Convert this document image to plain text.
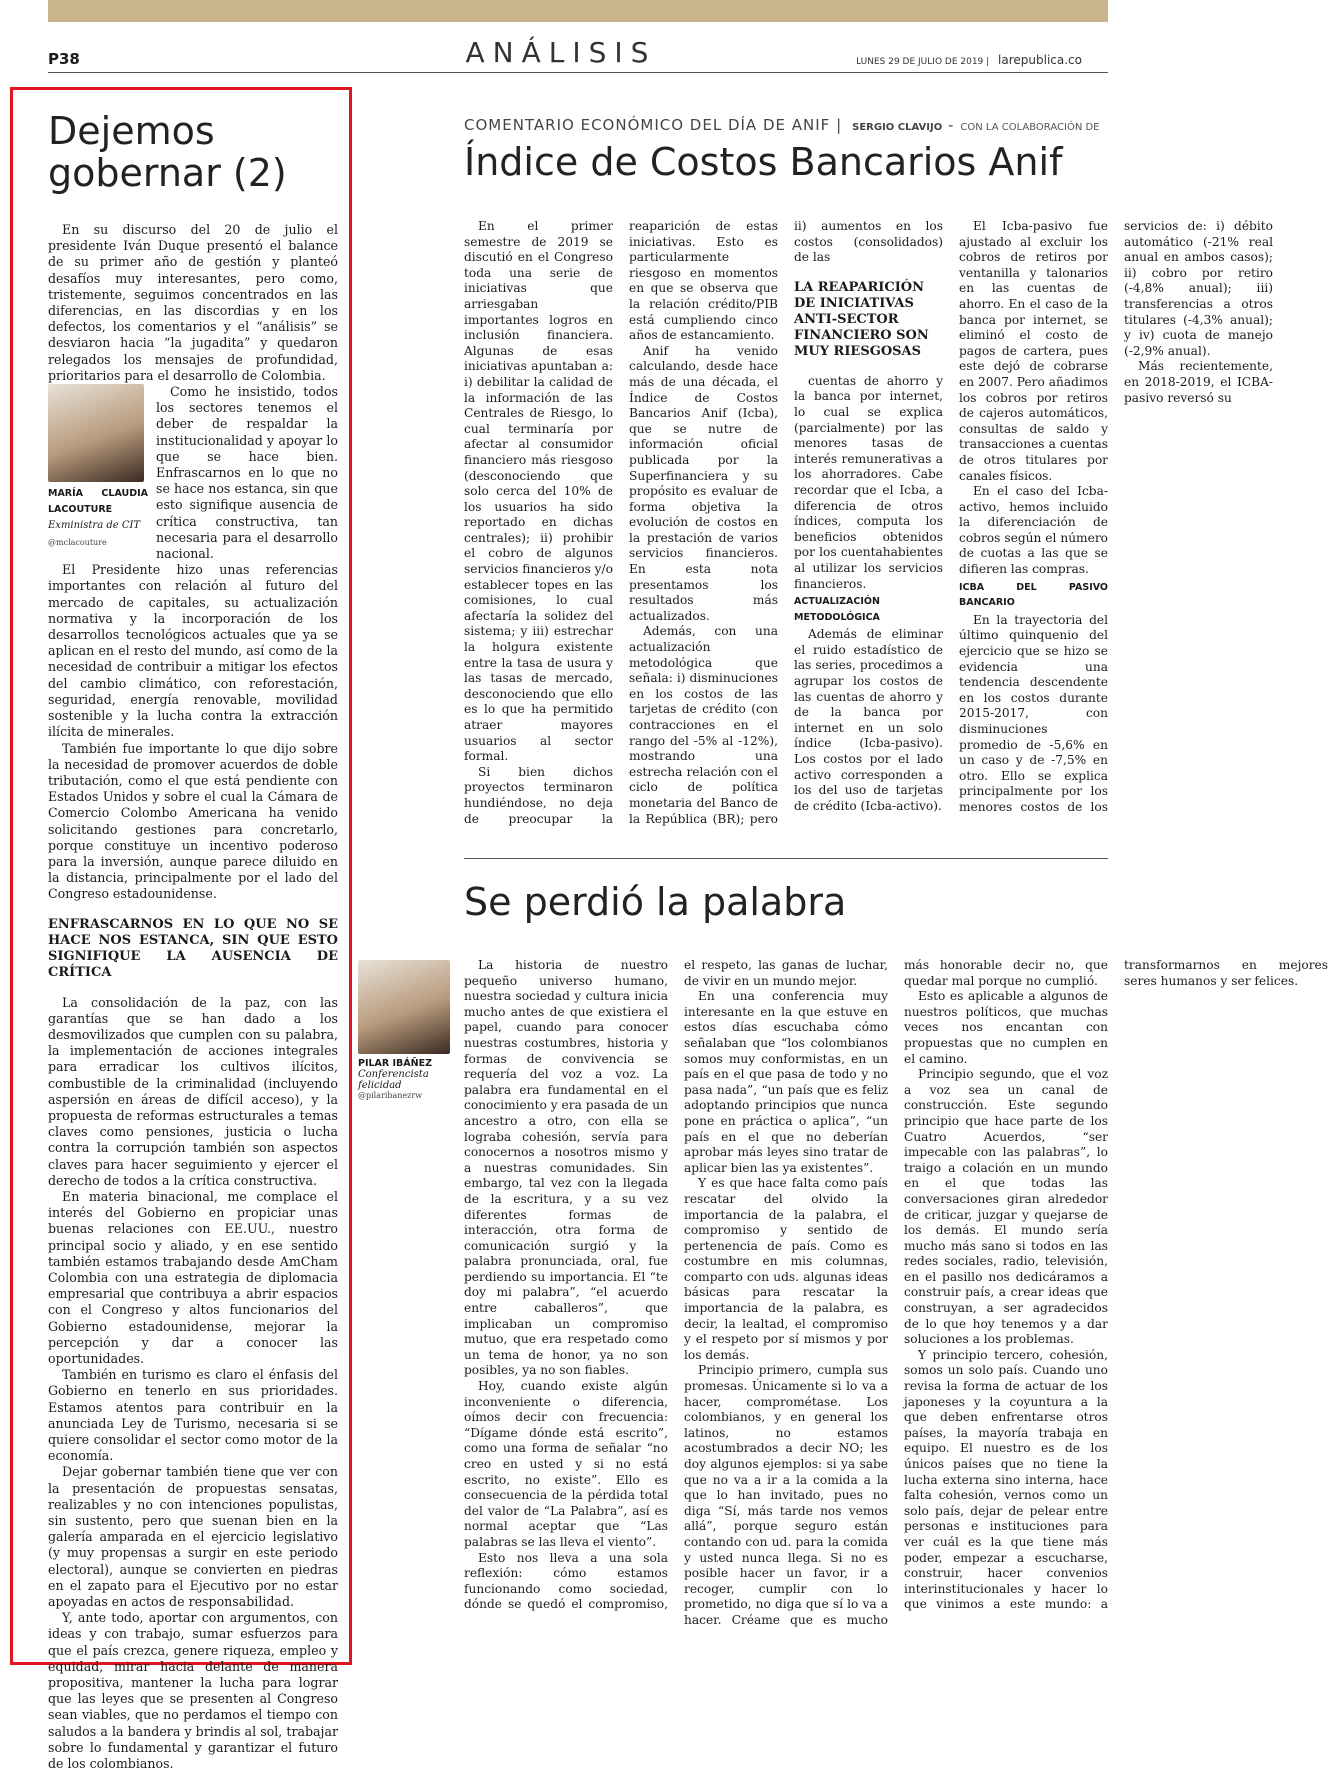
P38	ANÁLISIS	LUNES 29 DE JULIO DE 2019 | larepublica.co
Dejemos gobernar (2)

En su discurso del 20 de julio el presidente Iván Duque presentó el balance de su primer año de gestión y planteó desafíos muy interesantes, pero como, tristemente, seguimos concentrados en las diferencias, en las discordias y en los defectos, los comentarios y el “análisis” se desviaron hacia “la jugadita” y quedaron relegados los mensajes de profundidad, prioritarios para el desarrollo de Colombia.

MARÍA CLAUDIA LACOUTURE
Exministra de CIT
@mclacouture

Como he insistido, todos los sectores tenemos el deber de respaldar la institucionalidad y apoyar lo que se hace bien. Enfrascarnos en lo que no se hace nos estanca, sin que esto signifique ausencia de crítica constructiva, tan necesaria para el desarrollo nacional.

El Presidente hizo unas referencias importantes con relación al futuro del mercado de capitales, su actualización normativa y la incorporación de los desarrollos tecnológicos actuales que ya se aplican en el resto del mundo, así como de la necesidad de contribuir a mitigar los efectos del cambio climático, con reforestación, seguridad, energía renovable, movilidad sostenible y la lucha contra la extracción ilícita de minerales.

También fue importante lo que dijo sobre la necesidad de promover acuerdos de doble tributación, como el que está pendiente con Estados Unidos y sobre el cual la Cámara de Comercio Colombo Americana ha venido solicitando gestiones para concretarlo, porque constituye un incentivo poderoso para la inversión, aunque parece diluido en la distancia, principalmente por el lado del Congreso estadounidense.

ENFRASCARNOS EN LO QUE NO SE HACE NOS ESTANCA, SIN QUE ESTO SIGNIFIQUE LA AUSENCIA DE CRÍTICA

La consolidación de la paz, con las garantías que se han dado a los desmovilizados que cumplen con su palabra, la implementación de acciones integrales para erradicar los cultivos ilícitos, combustible de la criminalidad (incluyendo aspersión en áreas de difícil acceso), y la propuesta de reformas estructurales a temas claves como pensiones, justicia o lucha contra la corrupción también son aspectos claves para hacer seguimiento y ejercer el derecho de todos a la crítica constructiva.

En materia binacional, me complace el interés del Gobierno en propiciar unas buenas relaciones con EE.UU., nuestro principal socio y aliado, y en ese sentido también estamos trabajando desde AmCham Colombia con una estrategia de diplomacia empresarial que contribuya a abrir espacios con el Congreso y altos funcionarios del Gobierno estadounidense, mejorar la percepción y dar a conocer las oportunidades.

También en turismo es claro el énfasis del Gobierno en tenerlo en sus prioridades. Estamos atentos para contribuir en la anunciada Ley de Turismo, necesaria si se quiere consolidar el sector como motor de la economía.

Dejar gobernar también tiene que ver con la presentación de propuestas sensatas, realizables y no con intenciones populistas, sin sustento, pero que suenan bien en la galería amparada en el ejercicio legislativo (y muy propensas a surgir en este periodo electoral), aunque se convierten en piedras en el zapato para el Ejecutivo por no estar apoyadas en actos de responsabilidad.

Y, ante todo, aportar con argumentos, con ideas y con trabajo, sumar esfuerzos para que el país crezca, genere riqueza, empleo y equidad, mirar hacia delante de manera propositiva, mantener la lucha para lograr que las leyes que se presenten al Congreso sean viables, que no perdamos el tiempo con saludos a la bandera y brindis al sol, trabajar sobre lo fundamental y garantizar el futuro de los colombianos.

COMENTARIO ECONÓMICO DEL DÍA DE ANIF | SERGIO CLAVIJO - CON LA COLABORACIÓN DE
Índice de Costos Bancarios Anif

En el primer semestre de 2019 se discutió en el Congreso toda una serie de iniciativas que arriesgaban importantes logros en inclusión financiera. Algunas de esas iniciativas apuntaban a: i) debilitar la calidad de la información de las Centrales de Riesgo, lo cual terminaría por afectar al consumidor financiero más riesgoso (desconociendo que solo cerca del 10% de los usuarios ha sido reportado en dichas centrales); ii) prohibir el cobro de algunos servicios financieros y/o establecer topes en las comisiones, lo cual afectaría la solidez del sistema; y iii) estrechar la holgura existente entre la tasa de usura y las tasas de mercado, desconociendo que ello es lo que ha permitido atraer mayores usuarios al sector formal.

Si bien dichos proyectos terminaron hundiéndose, no deja de preocupar la reaparición de estas iniciativas. Esto es particularmente riesgoso en momentos en que se observa que la relación crédito/PIB está cumpliendo cinco años de estancamiento.

Anif ha venido calculando, desde hace más de una década, el Índice de Costos Bancarios Anif (Icba), que se nutre de información oficial publicada por la Superfinanciera y su propósito es evaluar de forma objetiva la evolución de costos en la prestación de varios servicios financieros. En esta nota presentamos los resultados más actualizados.

Además, con una actualización metodológica que señala: i) disminuciones en los costos de las tarjetas de crédito (con contracciones en el rango del -5% al -12%), mostrando una estrecha relación con el ciclo de política monetaria del Banco de la República (BR); pero ii) aumentos en los costos (consolidados) de las

LA REAPARICIÓN DE INICIATIVAS ANTI-SECTOR FINANCIERO SON MUY RIESGOSAS

cuentas de ahorro y la banca por internet, lo cual se explica (parcialmente) por las menores tasas de interés remunerativas a los ahorradores. Cabe recordar que el Icba, a diferencia de otros índices, computa los beneficios obtenidos por los cuentahabientes al utilizar los servicios financieros.

ACTUALIZACIÓN METODOLÓGICA

Además de eliminar el ruido estadístico de las series, procedimos a agrupar los costos de las cuentas de ahorro y de la banca por internet en un solo índice (Icba-pasivo). Los costos por el lado activo corresponden a los del uso de tarjetas de crédito (Icba-activo).

El Icba-pasivo fue ajustado al excluir los cobros de retiros por ventanilla y talonarios en las cuentas de ahorro. En el caso de la banca por internet, se eliminó el costo de pagos de cartera, pues este dejó de cobrarse en 2007. Pero añadimos los cobros por retiros de cajeros automáticos, consultas de saldo y transacciones a cuentas de otros titulares por canales físicos.

En el caso del Icba-activo, hemos incluido la diferenciación de cobros según el número de cuotas a las que se difieren las compras.

ICBA DEL PASIVO BANCARIO

En la trayectoria del último quinquenio del ejercicio que se hizo se evidencia una tendencia descendente en los costos durante 2015-2017, con disminuciones promedio de -5,6% en un caso y de -7,5% en otro. Ello se explica principalmente por los menores costos de los servicios de: i) débito automático (-21% real anual en ambos casos); ii) cobro por retiro (-4,8% anual); iii) transferencias a otros titulares (-4,3% anual); y iv) cuota de manejo (-2,9% anual).

Más recientemente, en 2018-2019, el ICBA-pasivo reversó su

Se perdió la palabra
PILAR IBÁÑEZ
Conferencista felicidad
@pilaribanezrw

La historia de nuestro pequeño universo humano, nuestra sociedad y cultura inicia mucho antes de que existiera el papel, cuando para conocer nuestras costumbres, historia y formas de convivencia se requería del voz a voz. La palabra era fundamental en el conocimiento y era pasada de un ancestro a otro, con ella se lograba cohesión, servía para conocernos a nosotros mismo y a nuestras comunidades. Sin embargo, tal vez con la llegada de la escritura, y a su vez diferentes formas de interacción, otra forma de comunicación surgió y la palabra pronunciada, oral, fue perdiendo su importancia. El “te doy mi palabra”, “el acuerdo entre caballeros”, que implicaban un compromiso mutuo, que era respetado como un tema de honor, ya no son posibles, ya no son fiables.

Hoy, cuando existe algún inconveniente o diferencia, oímos decir con frecuencia: “Dígame dónde está escrito”, como una forma de señalar “no creo en usted y si no está escrito, no existe”. Ello es consecuencia de la pérdida total del valor de “La Palabra”, así es normal aceptar que “Las palabras se las lleva el viento”.

Esto nos lleva a una sola reflexión: cómo estamos funcionando como sociedad, dónde se quedó el compromiso, el respeto, las ganas de luchar, de vivir en un mundo mejor.

En una conferencia muy interesante en la que estuve en estos días escuchaba cómo señalaban que “los colombianos somos muy conformistas, en un país en el que pasa de todo y no pasa nada”, “un país que es feliz adoptando principios que nunca pone en práctica o aplica”, “un país en el que no deberían aprobar más leyes sino tratar de aplicar bien las ya existentes”.

Y es que hace falta como país rescatar del olvido la importancia de la palabra, el compromiso y sentido de pertenencia de país. Como es costumbre en mis columnas, comparto con uds. algunas ideas básicas para rescatar la importancia de la palabra, es decir, la lealtad, el compromiso y el respeto por sí mismos y por los demás.

Principio primero, cumpla sus promesas. Únicamente si lo va a hacer, comprométase. Los colombianos, y en general los latinos, no estamos acostumbrados a decir NO; les doy algunos ejemplos: si ya sabe que no va a ir a la comida a la que lo han invitado, pues no diga “Sí, más tarde nos vemos allá”, porque seguro están contando con ud. para la comida y usted nunca llega. Si no es posible hacer un favor, ir a recoger, cumplir con lo prometido, no diga que sí lo va a hacer. Créame que es mucho más honorable decir no, que quedar mal porque no cumplió.

Esto es aplicable a algunos de nuestros políticos, que muchas veces nos encantan con propuestas que no cumplen en el camino.

Principio segundo, que el voz a voz sea un canal de construcción. Este segundo principio que hace parte de los Cuatro Acuerdos, “ser impecable con las palabras”, lo traigo a colación en un mundo en el que todas las conversaciones giran alrededor de criticar, juzgar y quejarse de los demás. El mundo sería mucho más sano si todos en las redes sociales, radio, televisión, en el pasillo nos dedicáramos a construir país, a crear ideas que construyan, a ser agradecidos de lo que hoy tenemos y a dar soluciones a los problemas.

Y principio tercero, cohesión, somos un solo país. Cuando uno revisa la forma de actuar de los japoneses y la coyuntura a la que deben enfrentarse otros países, la mayoría trabaja en equipo. El nuestro es de los únicos países que no tiene la lucha externa sino interna, hace falta cohesión, vernos como un solo país, dejar de pelear entre personas e instituciones para ver cuál es la que tiene más poder, empezar a escucharse, construir, hacer convenios interinstitucionales y hacer lo que vinimos a este mundo: a transformarnos en mejores seres humanos y ser felices.
